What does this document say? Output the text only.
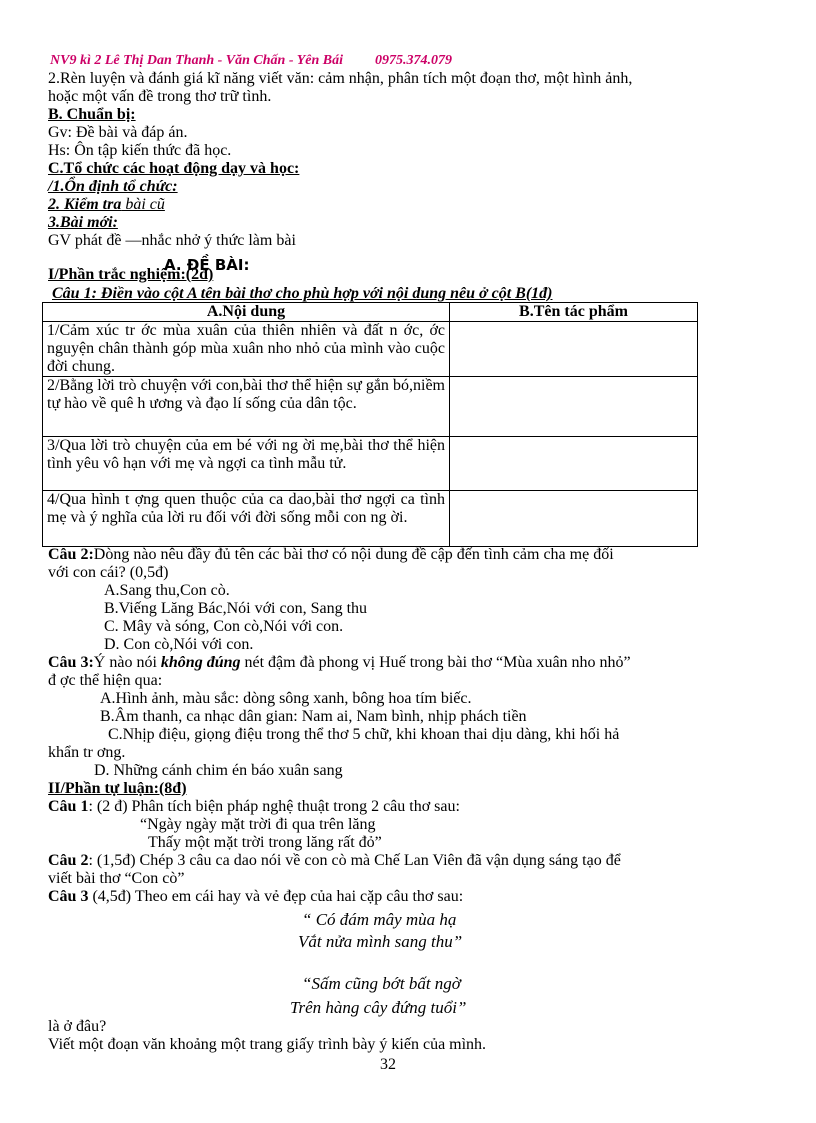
NV9 kì 2 Lê Thị Dan Thanh - Văn Chấn - Yên Bái 0975.374.079
2.Rèn luyện và đánh giá kĩ năng viết văn: cảm nhận, phân tích một đoạn thơ, một hình ảnh,
hoặc một vấn đề trong thơ trữ tình.
B. Chuẩn bị:
Gv: Đề bài và đáp án.
Hs: Ôn tập kiến thức đã học.
C.Tổ chức các hoạt động dạy và học:
/1.Ổn định tổ chức:
2. Kiểm tra bài cũ
3.Bài mới:
GV phát đề —nhắc nhở ý thức làm bài
A. ĐỀ BÀI:
I/Phần trắc nghiệm:(2đ)
Câu 1: Điền vào cột A tên bài thơ cho phù hợp với nội dung nêu ở cột B(1đ)
A.Nội dung	B.Tên tác phẩm
1/Cảm xúc tr ớc mùa xuân của thiên nhiên và đất n ớc, ớc nguyện chân thành góp mùa xuân nho nhỏ của mình vào cuộc đời chung.	
2/Bằng lời trò chuyện với con,bài thơ thể hiện sự gắn bó,niềm tự hào về quê h ương và đạo lí sống của dân tộc.	
3/Qua lời trò chuyện của em bé với ng ời mẹ,bài thơ thể hiện tình yêu vô hạn với mẹ và ngợi ca tình mẫu tử.	
4/Qua hình t ợng quen thuộc của ca dao,bài thơ ngợi ca tình mẹ và ý nghĩa của lời ru đối với đời sống mỗi con ng ời.	
Câu 2:Dòng nào nêu đầy đủ tên các bài thơ có nội dung đề cập đến tình cảm cha mẹ đối
với con cái? (0,5đ)
A.Sang thu,Con cò.
B.Viếng Lăng Bác,Nói với con, Sang thu
C. Mây và sóng, Con cò,Nói với con.
D. Con cò,Nói với con.
Câu 3:Ý nào nói không đúng nét đậm đà phong vị Huế trong bài thơ “Mùa xuân nho nhỏ”
đ ợc thể hiện qua:
A.Hình ảnh, màu sắc: dòng sông xanh, bông hoa tím biếc.
B.Âm thanh, ca nhạc dân gian: Nam ai, Nam bình, nhịp phách tiền
C.Nhịp điệu, giọng điệu trong thể thơ 5 chữ, khi khoan thai dịu dàng, khi hối hả
khẩn tr ơng.
D. Những cánh chim én báo xuân sang
II/Phần tự luận:(8đ)
Câu 1: (2 đ) Phân tích biện pháp nghệ thuật trong 2 câu thơ sau:
“Ngày ngày mặt trời đi qua trên lăng
Thấy một mặt trời trong lăng rất đỏ”
Câu 2: (1,5đ) Chép 3 câu ca dao nói về con cò mà Chế Lan Viên đã vận dụng sáng tạo để
viết bài thơ “Con cò”
Câu 3 (4,5đ) Theo em cái hay và vẻ đẹp của hai cặp câu thơ sau:
“ Có đám mây mùa hạ
Vắt nửa mình sang thu”
“Sấm cũng bớt bất ngờ
Trên hàng cây đứng tuổi”
là ở đâu?
Viết một đoạn văn khoảng một trang giấy trình bày ý kiến của mình.
32
